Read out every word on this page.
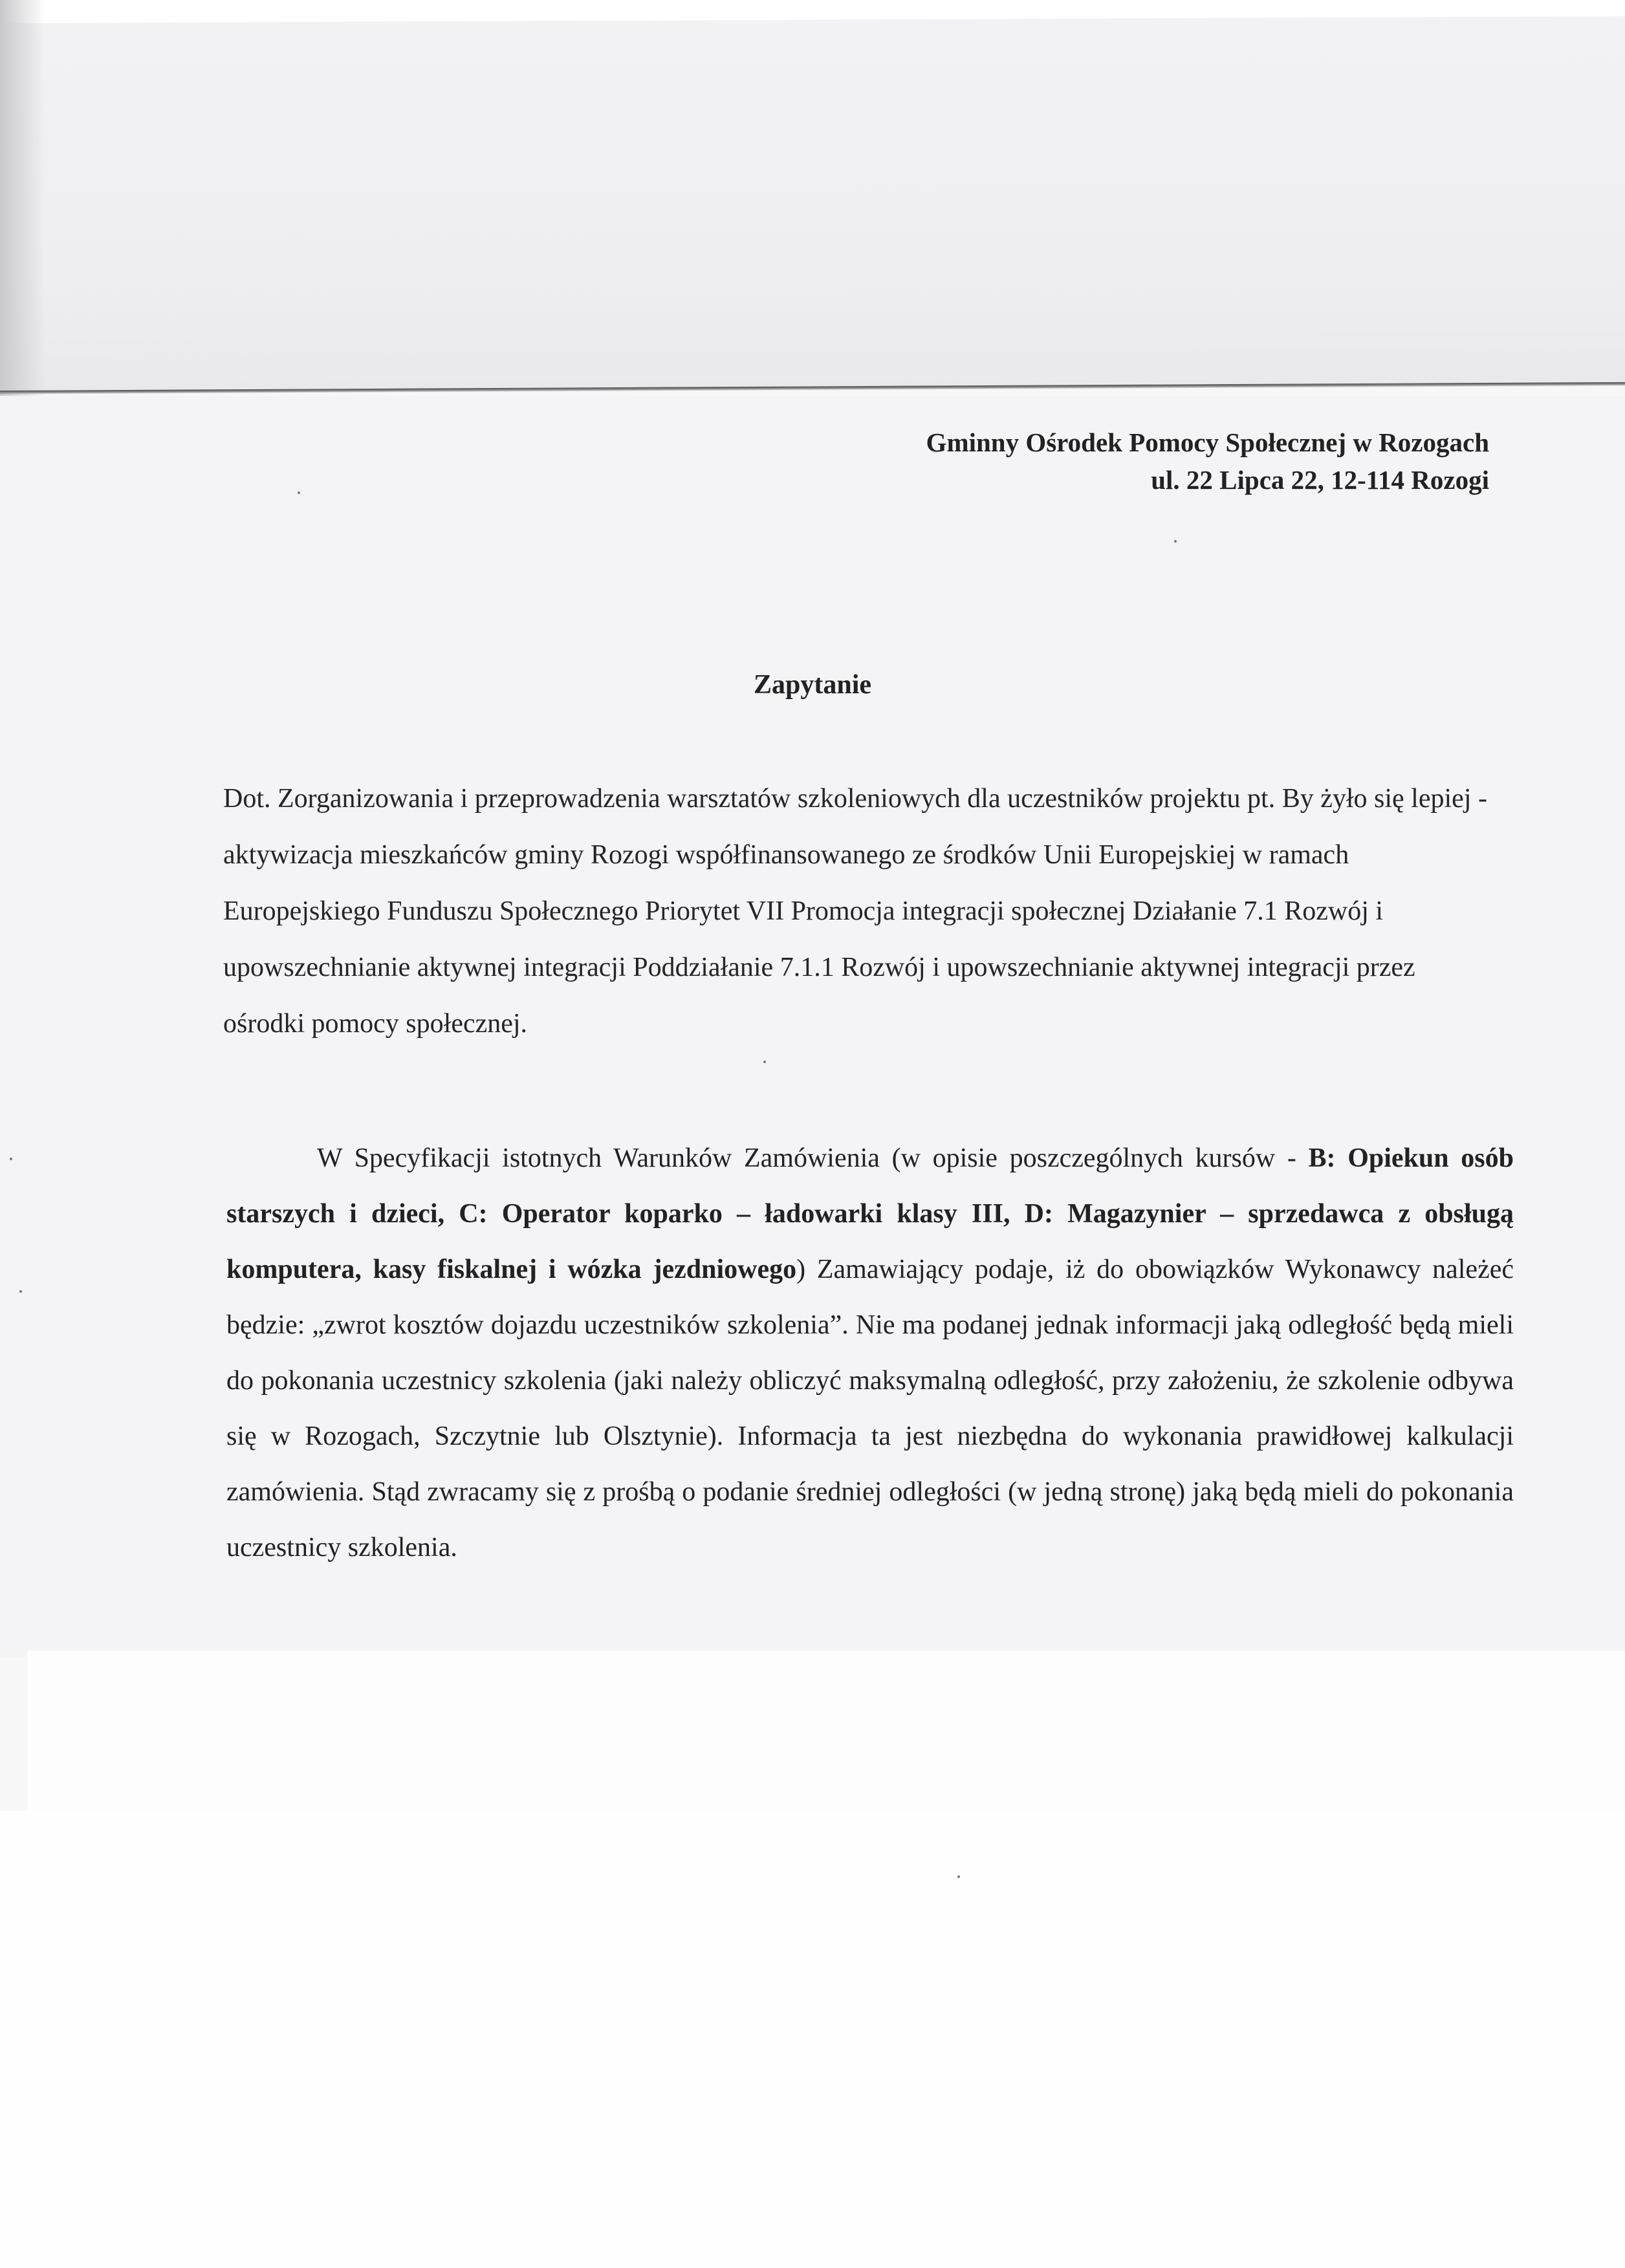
Gminny Ośrodek Pomocy Społecznej w Rozogach
ul. 22 Lipca 22, 12-114 Rozogi
Zapytanie
Dot. Zorganizowania i przeprowadzenia warsztatów szkoleniowych dla uczestników projektu pt. By żyło się lepiej - aktywizacja mieszkańców gminy Rozogi współfinansowanego ze środków Unii Europejskiej w ramach Europejskiego Funduszu Społecznego Priorytet VII Promocja integracji społecznej Działanie 7.1 Rozwój i upowszechnianie aktywnej integracji Poddziałanie 7.1.1 Rozwój i upowszechnianie aktywnej integracji przez ośrodki pomocy społecznej.
W Specyfikacji istotnych Warunków Zamówienia (w opisie poszczególnych kursów - B: Opiekun osób starszych i dzieci, C: Operator koparko – ładowarki klasy III, D: Magazynier – sprzedawca z obsługą komputera, kasy fiskalnej i wózka jezdniowego) Zamawiający podaje, iż do obowiązków Wykonawcy należeć będzie: „zwrot kosztów dojazdu uczestników szkolenia”. Nie ma podanej jednak informacji jaką odległość będą mieli do pokonania uczestnicy szkolenia (jaki należy obliczyć maksymalną odległość, przy założeniu, że szkolenie odbywa się w Rozogach, Szczytnie lub Olsztynie). Informacja ta jest niezbędna do wykonania prawidłowej kalkulacji zamówienia. Stąd zwracamy się z prośbą o podanie średniej odległości (w jedną stronę) jaką będą mieli do pokonania uczestnicy szkolenia.
